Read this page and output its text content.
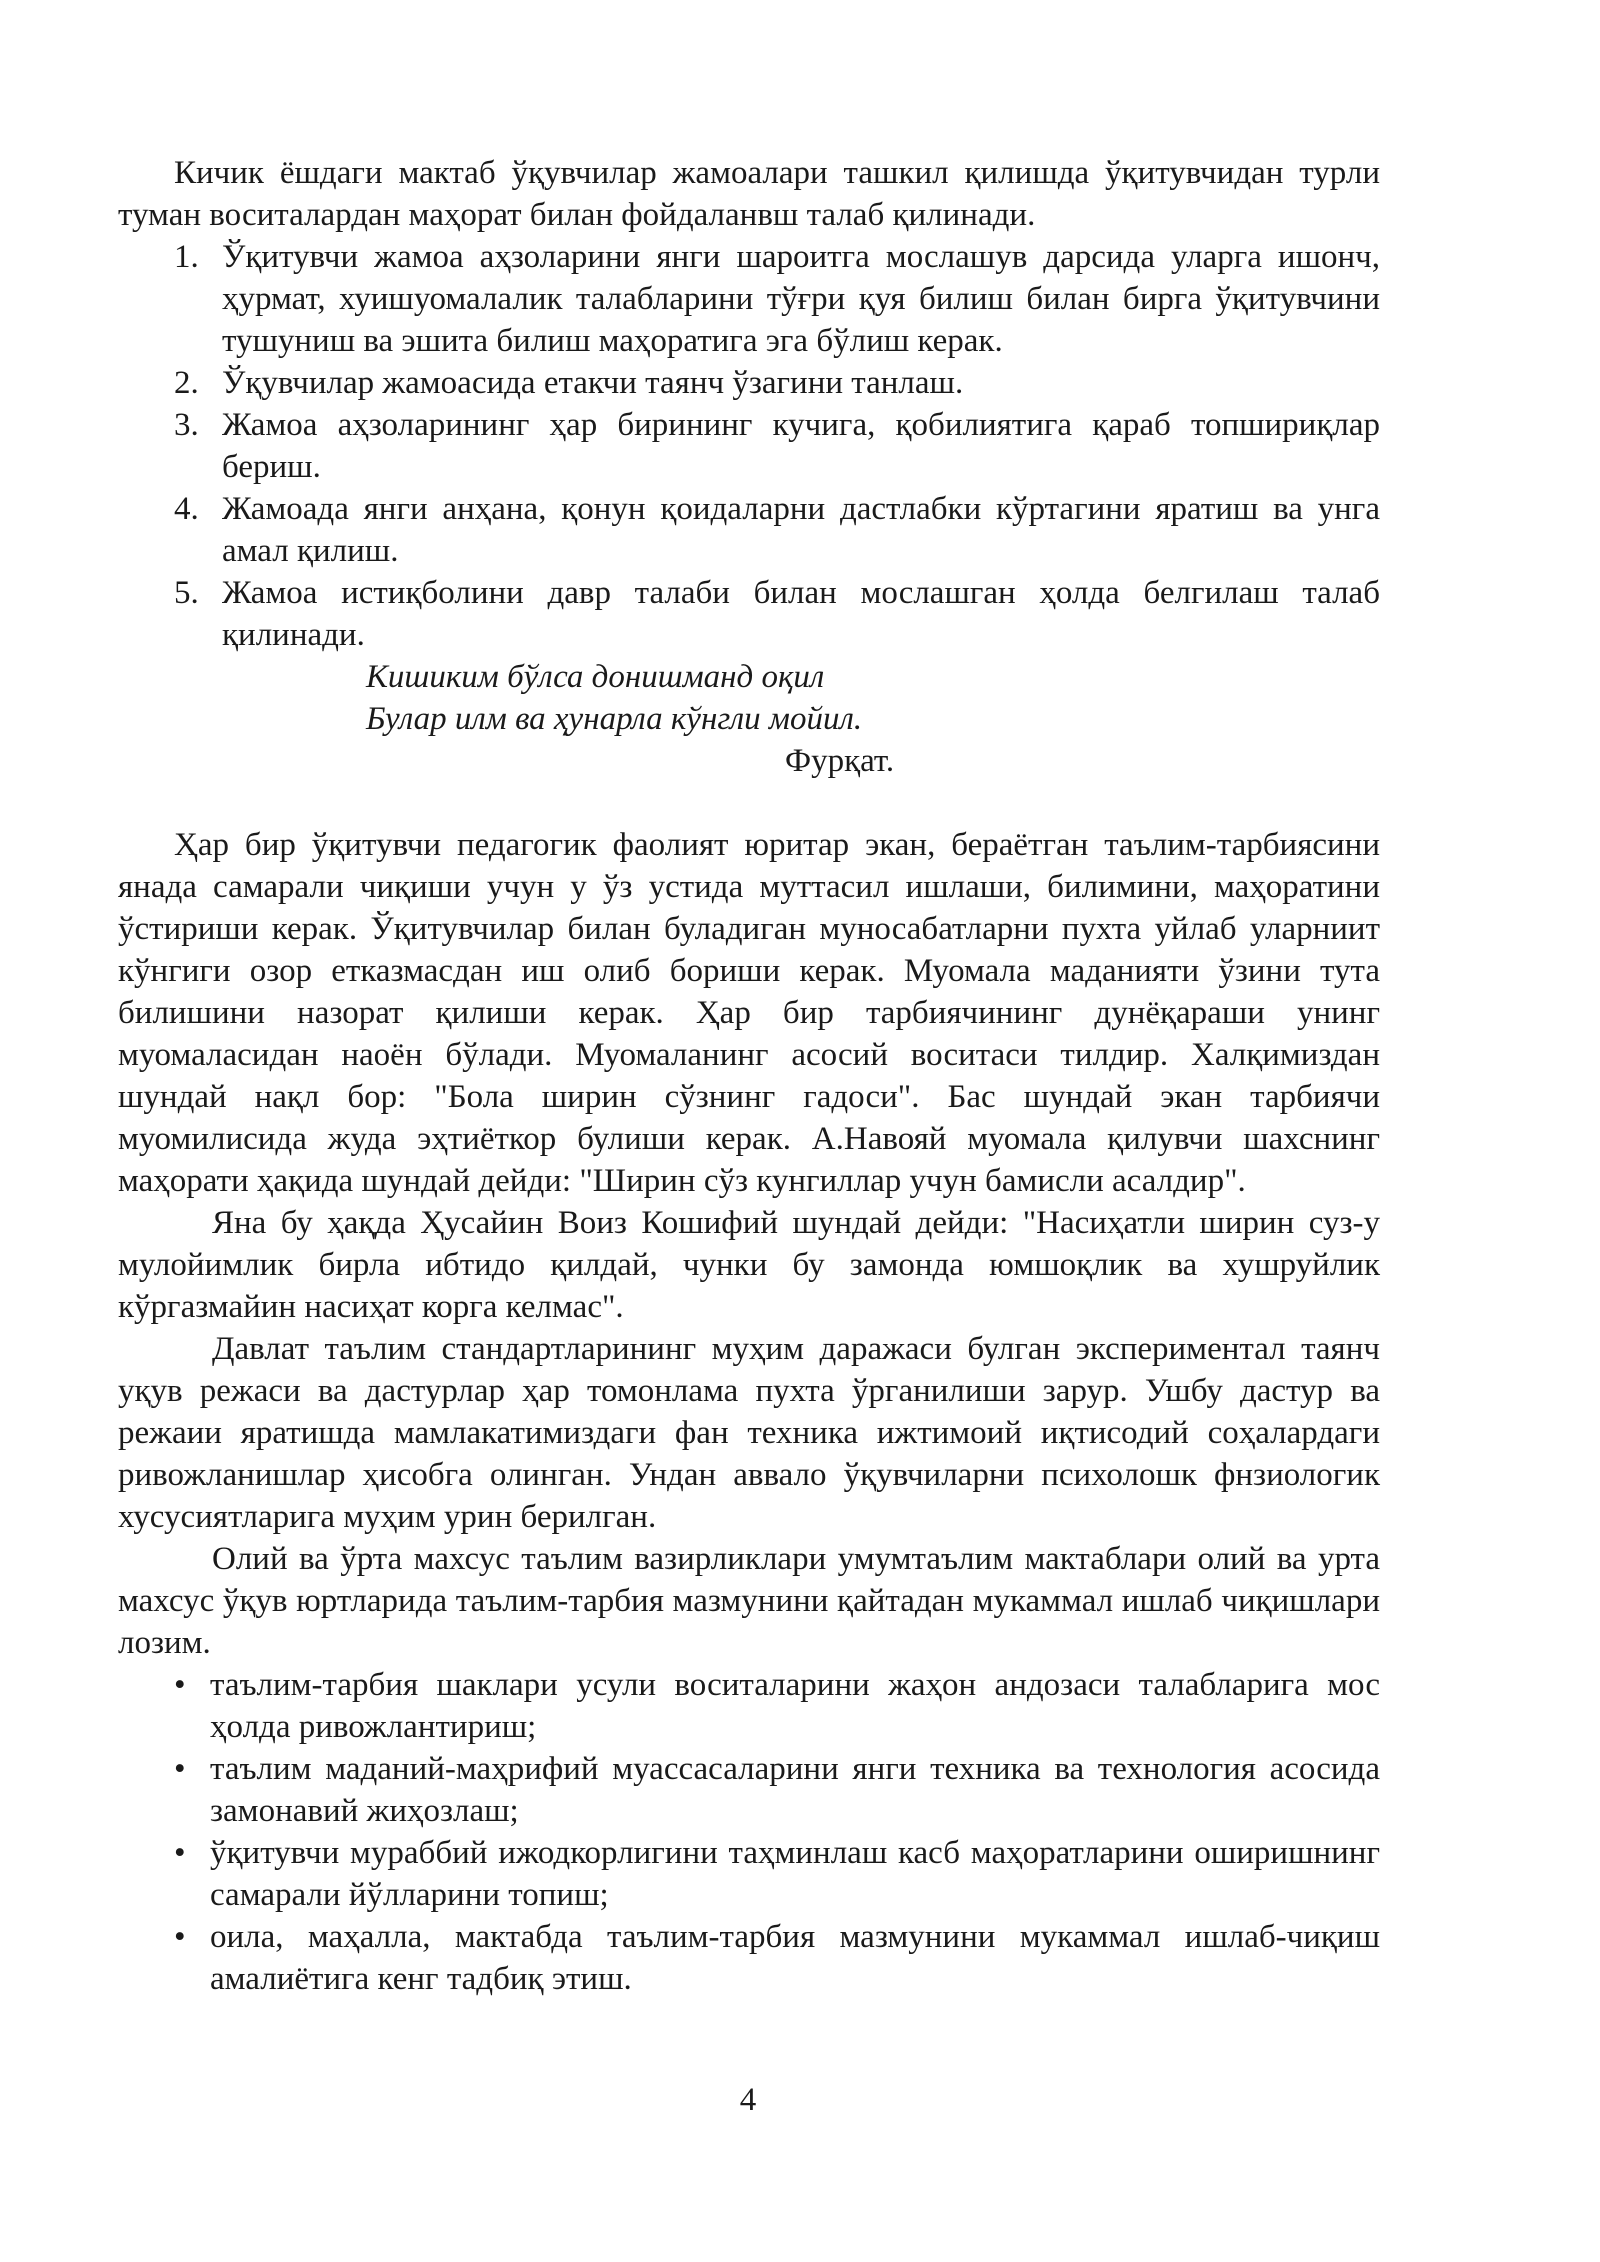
Кичик ёшдаги мактаб ўқувчилар жамоалари ташкил қилишда ўқитувчидан турли туман воситалардан маҳорат билан фойдаланвш талаб қилинади.

1. Ўқитувчи жамоа аҳзоларини янги шароитга мослашув дарсида уларга ишонч, ҳурмат, хуишуомалалик талабларини тўғри қуя билиш билан бирга ўқитувчини тушуниш ва эшита билиш маҳоратига эга бўлиш керак.
2. Ўқувчилар жамоасида етакчи таянч ўзагини танлаш.
3. Жамоа аҳзоларининг ҳар бирининг кучига, қобилиятига қараб топшириқлар бериш.
4. Жамоада янги анҳана, қонун қоидаларни дастлабки кўртагини яратиш ва унга амал қилиш.
5. Жамоа истиқболини давр талаби билан мослашган ҳолда белгилаш талаб қилинади.
Кишиким бўлса донишманд оқил
Булар илм ва ҳунарла кўнгли мойил.
Фурқат.

Ҳар бир ўқитувчи педагогик фаолият юритар экан, бераётган таълим-тарбиясини янада самарали чиқиши учун у ўз устида муттасил ишлаши, билимини, маҳоратини ўстириши керак. Ўқитувчилар билан буладиган муносабатларни пухта уйлаб уларниит кўнгиги озор етказмасдан иш олиб бориши керак. Муомала маданияти ўзини тута билишини назорат қилиши керак. Ҳар бир тарбиячининг дунёқараши унинг муомаласидан наоён бўлади. Муомаланинг асосий воситаси тилдир. Халқимиздан шундай нақл бор: "Бола ширин сўзнинг гадоси". Бас шундай экан тарбиячи муомилисида жуда эҳтиёткор булиши керак. А.Навояй муомала қилувчи шахснинг маҳорати ҳақида шундай дейди: "Ширин сўз кунгиллар учун бамисли асалдир".

Яна бу ҳақда Ҳусайин Воиз Кошифий шундай дейди: "Насиҳатли ширин суз-у мулойимлик бирла ибтидо қилдай, чунки бу замонда юмшоқлик ва хушруйлик кўргазмайин насиҳат корга келмас".

Давлат таълим стандартларининг муҳим даражаси булган экспериментал таянч уқув режаси ва дастурлар ҳар томонлама пухта ўрганилиши зарур. Ушбу дастур ва режаии яратишда мамлакатимиздаги фан техника ижтимоий иқтисодий соҳалардаги ривожланишлар ҳисобга олинган. Ундан аввало ўқувчиларни психолошк фнзиологик хусусиятларига муҳим урин берилган.

Олий ва ўрта махсус таълим вазирликлари умумтаълим мактаблари олий ва урта махсус ўқув юртларида таълим-тарбия мазмунини қайтадан мукаммал ишлаб чиқишлари лозим.

• таълим-тарбия шаклари усули воситаларини жаҳон андозаси талабларига мос ҳолда ривожлантириш;
• таълим маданий-маҳрифий муассасаларини янги техника ва технология асосида замонавий жиҳозлаш;
• ўқитувчи мураббий ижодкорлигини таҳминлаш касб маҳоратларини оширишнинг самарали йўлларини топиш;
• оила, маҳалла, мактабда таълим-тарбия мазмунини мукаммал ишлаб-чиқиш амалиётига кенг тадбиқ этиш.
4
